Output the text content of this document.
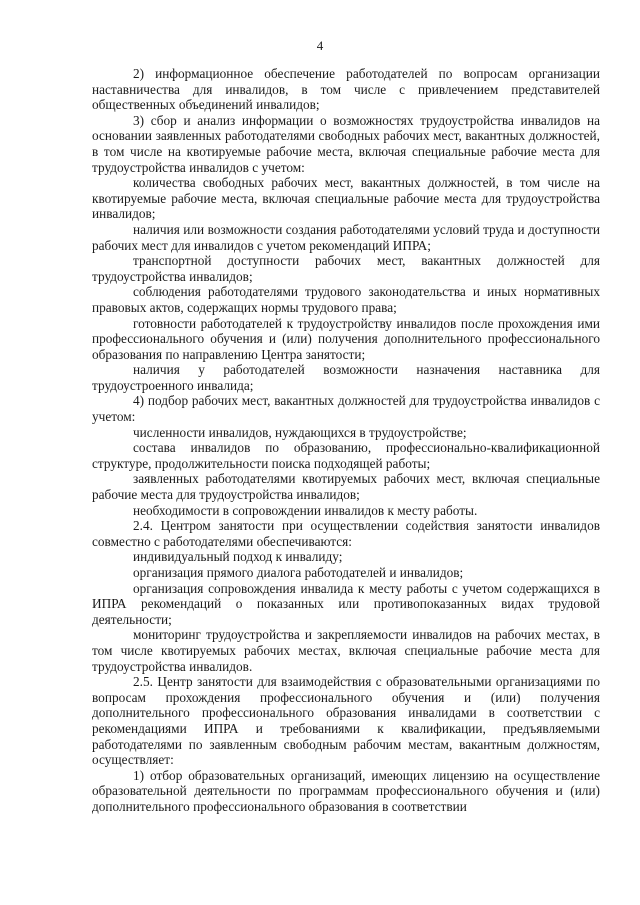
4

2) информационное обеспечение работодателей по вопросам организации наставничества для инвалидов, в том числе с привлечением представителей общественных объединений инвалидов;

3) сбор и анализ информации о возможностях трудоустройства инвалидов на основании заявленных работодателями свободных рабочих мест, вакантных должностей, в том числе на квотируемые рабочие места, включая специальные рабочие места для трудоустройства инвалидов с учетом:

количества свободных рабочих мест, вакантных должностей, в том числе на квотируемые рабочие места, включая специальные рабочие места для трудоустройства инвалидов;

наличия или возможности создания работодателями условий труда и доступности рабочих мест для инвалидов с учетом рекомендаций ИПРА;

транспортной доступности рабочих мест, вакантных должностей для трудоустройства инвалидов;

соблюдения работодателями трудового законодательства и иных нормативных правовых актов, содержащих нормы трудового права;

готовности работодателей к трудоустройству инвалидов после прохождения ими профессионального обучения и (или) получения дополнительного профессионального образования по направлению Центра занятости;

наличия у работодателей возможности назначения наставника для трудоустроенного инвалида;

4) подбор рабочих мест, вакантных должностей для трудоустройства инвалидов с учетом:

численности инвалидов, нуждающихся в трудоустройстве;

состава инвалидов по образованию, профессионально-квалификационной структуре, продолжительности поиска подходящей работы;

заявленных работодателями квотируемых рабочих мест, включая специальные рабочие места для трудоустройства инвалидов;

необходимости в сопровождении инвалидов к месту работы.

2.4. Центром занятости при осуществлении содействия занятости инвалидов совместно с работодателями обеспечиваются:

индивидуальный подход к инвалиду;

организация прямого диалога работодателей и инвалидов;

организация сопровождения инвалида к месту работы с учетом содержащихся в ИПРА рекомендаций о показанных или противопоказанных видах трудовой деятельности;

мониторинг трудоустройства и закрепляемости инвалидов на рабочих местах, в том числе квотируемых рабочих местах, включая специальные рабочие места для трудоустройства инвалидов.

2.5. Центр занятости для взаимодействия с образовательными организациями по вопросам прохождения профессионального обучения и (или) получения дополнительного профессионального образования инвалидами в соответствии с рекомендациями ИПРА и требованиями к квалификации, предъявляемыми работодателями по заявленным свободным рабочим местам, вакантным должностям, осуществляет:

1) отбор образовательных организаций, имеющих лицензию на осуществление образовательной деятельности по программам профессионального обучения и (или) дополнительного профессионального образования в соответствии
